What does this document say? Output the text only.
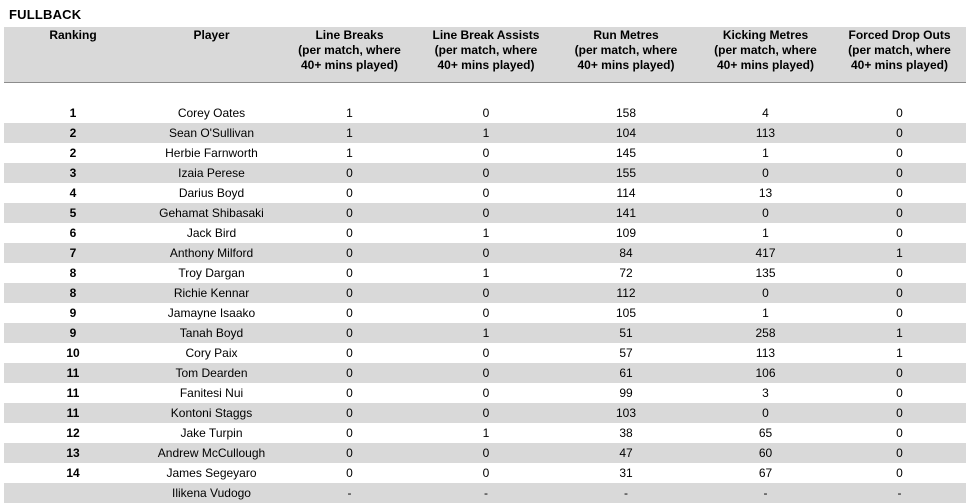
FULLBACK
Ranking	Player	Line Breaks
(per match, where
40+ mins played)	Line Break Assists
(per match, where
40+ mins played)	Run Metres
(per match, where
40+ mins played)	Kicking Metres
(per match, where
40+ mins played)	Forced Drop Outs
(per match, where
40+ mins played)

1	Corey Oates	1	0	158	4	0
2	Sean O'Sullivan	1	1	104	113	0
2	Herbie Farnworth	1	0	145	1	0
3	Izaia Perese	0	0	155	0	0
4	Darius Boyd	0	0	114	13	0
5	Gehamat Shibasaki	0	0	141	0	0
6	Jack Bird	0	1	109	1	0
7	Anthony Milford	0	0	84	417	1
8	Troy Dargan	0	1	72	135	0
8	Richie Kennar	0	0	112	0	0
9	Jamayne Isaako	0	0	105	1	0
9	Tanah Boyd	0	1	51	258	1
10	Cory Paix	0	0	57	113	1
11	Tom Dearden	0	0	61	106	0
11	Fanitesi Nui	0	0	99	3	0
11	Kontoni Staggs	0	0	103	0	0
12	Jake Turpin	0	1	38	65	0
13	Andrew McCullough	0	0	47	60	0
14	James Segeyaro	0	0	31	67	0
	Ilikena Vudogo	-	-	-	-	-
